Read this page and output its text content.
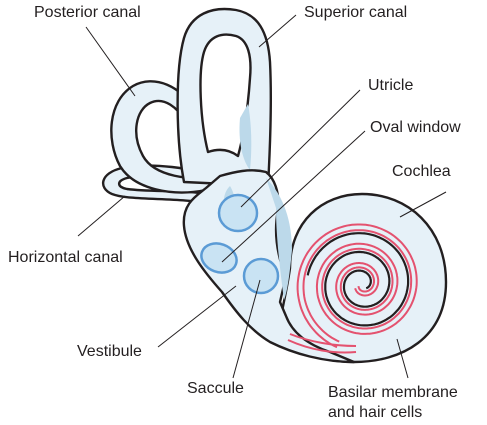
Posterior canal	Superior canal
Utricle
Oval window
Cochlea
Horizontal canal
Vestibule
Saccule	Basilar membrane
and hair cells
